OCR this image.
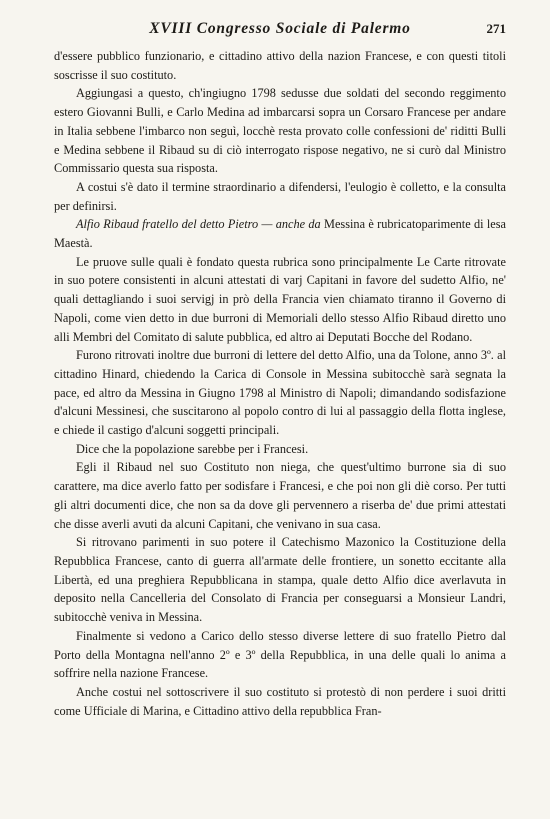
XVIII Congresso Sociale di Palermo	271

d'essere pubblico funzionario, e cittadino attivo della nazion Francese, e con questi titoli soscrisse il suo costituto.

Aggiungasi a questo, ch'ingiugno 1798 sedusse due soldati del secondo reggimento estero Giovanni Bulli, e Carlo Medina ad imbarcarsi sopra un Corsaro Francese per andare in Italia sebbene l'imbarco non seguì, locchè resta provato colle confessioni de' riditti Bulli e Medina sebbene il Ribaud su di ciò interrogato rispose negativo, ne si curò dal Ministro Commissario questa sua risposta.

A costui s'è dato il termine straordinario a difendersi, l'eulogio è colletto, e la consulta per definirsi.

Alfio Ribaud fratello del detto Pietro — anche da Messina è rubricatoparimente di lesa Maestà.

Le pruove sulle quali è fondato questa rubrica sono principalmente Le Carte ritrovate in suo potere consistenti in alcuni attestati di varj Capitani in favore del sudetto Alfio, ne' quali dettagliando i suoi servigj in prò della Francia vien chiamato tiranno il Governo di Napoli, come vien detto in due burroni di Memoriali dello stesso Alfio Ribaud diretto uno alli Membri del Comitato di salute pubblica, ed altro ai Deputati Bocche del Rodano.

Furono ritrovati inoltre due burroni di lettere del detto Alfio, una da Tolone, anno 3º. al cittadino Hinard, chiedendo la Carica di Console in Messina subitocchè sarà segnata la pace, ed altro da Messina in Giugno 1798 al Ministro di Napoli; dimandando sodisfazione d'alcuni Messinesi, che suscitarono al popolo contro di lui al passaggio della flotta inglese, e chiede il castigo d'alcuni soggetti principali.

Dice che la popolazione sarebbe per i Francesi.

Egli il Ribaud nel suo Costituto non niega, che quest'ultimo burrone sia di suo carattere, ma dice averlo fatto per sodisfare i Francesi, e che poi non gli diè corso. Per tutti gli altri documenti dice, che non sa da dove gli pervennero a riserba de' due primi attestati che disse averli avuti da alcuni Capitani, che venivano in sua casa.

Si ritrovano parimenti in suo potere il Catechismo Mazonico la Costituzione della Repubblica Francese, canto di guerra all'armate delle frontiere, un sonetto eccitante alla Libertà, ed una preghiera Repubblicana in stampa, quale detto Alfio dice averlavuta in deposito nella Cancelleria del Consolato di Francia per conseguarsi a Monsieur Landri, subitocchè veniva in Messina.

Finalmente si vedono a Carico dello stesso diverse lettere di suo fratello Pietro dal Porto della Montagna nell'anno 2º e 3º della Repubblica, in una delle quali lo anima a soffrire nella nazione Francese.

Anche costui nel sottoscrivere il suo costituto si protestò di non perdere i suoi dritti come Ufficiale di Marina, e Cittadino attivo della repubblica Fran-
